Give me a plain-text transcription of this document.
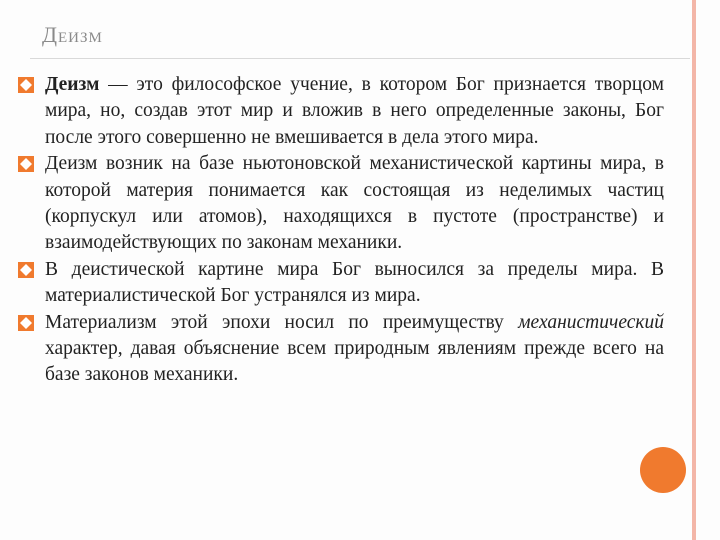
Деизм
Деизм — это философское учение, в котором Бог признается творцом мира, но, создав этот мир и вложив в него определенные законы, Бог после этого совершенно не вмешивается в дела этого мира.
Деизм возник на базе ньютоновской механистической картины мира, в которой материя понимается как состоящая из неделимых частиц (корпускул или атомов), находящихся в пустоте (пространстве) и взаимодействующих по законам механики.
В деистической картине мира Бог выносился за пределы мира. В материалистической Бог устранялся из мира.
Материализм этой эпохи носил по преимуществу механистический характер, давая объяснение всем природным явлениям прежде всего на базе законов механики.
